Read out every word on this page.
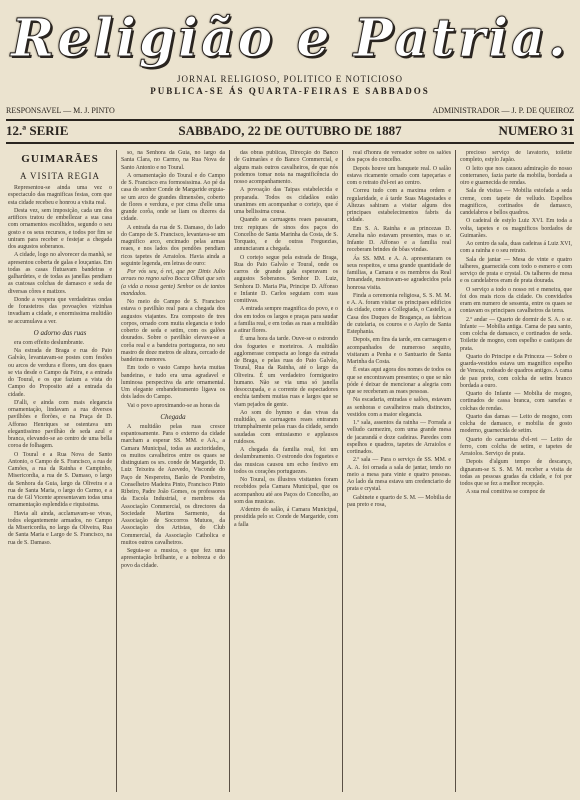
Religião e Patria.
JORNAL RELIGIOSO, POLITICO E NOTICIOSO
PUBLICA-SE ÁS QUARTA-FEIRAS E SABBADOS
RESPONSAVEL — M. J. PINTO	ADMINISTRADOR — J. P. DE QUEIROZ
12.ª SERIE	SABBADO, 22 DE OUTUBRO DE 1887	NUMERO 31
GUIMARÃES
A VISITA REGIA

Representou-se ainda uma vez o espectaculo das magnificas festas, com que esta cidade recebeu e honrou a visita real.

Desta vez, sem imposição, cada um dos artifices tratou de embellezar a sua casa com ornamentos escolhidos, segundo o seu gosto e os seus recursos, e todos por fim se uniram para receber e festejar a chegada dos augustos soberanos.

A cidade, logo no alvorecer da manhã, se apresentou coberta de galas e louçanias. Em todas as casas flutuavam bandeiras e galhardetes, e de todas as janellas pendiam as custosas colchas de damasco e seda de diversas côres e matizes.

Donde a vespera que verdadeiras ondas de forasteiros das povoações vizinhas invadiam a cidade, e enormissima multidão se accumulava a ver.

O adorno das ruas

era com effeito deslumbrante.

Na estrada de Braga e rua do Paio Galvão, levantavam-se postes com festões ou arcos de verdura e flores, um dos quaes se via desde o Campo da Feira, e a entrada do Toural, e os que faziam a vista do Campo do Proposito até a entrada da cidade.

D'alli, e ainda com mais elegancia ornamentação, lindavam a rua diversos pavilhões e florões, e na Praça de D. Affonso Henriques se ostentava um elegantissimo pavilhão de seda azul e branca, elevando-se ao centro de uma bella coroa de folhagem.

O Toural e a Rua Nova de Santo Antonio, o Campo de S. Francisco, a rua de Camões, a rua da Rainha e Campinho, Misericordia, a rua de S. Damaso, o largo da Senhora da Guia, largo da Oliveira e a rua de Santa Maria, o largo do Carmo, e a rua de Gil Vicente apresentavam todas uma ornamentação esplendida e riquissima.

Havia ali ainda, acclamavam-se vivas, todos elegantemente armados, no Campo da Misericordia, no largo da Oliveira, Rua de Santa Maria e Largo de S. Francisco, na rua de S. Damaso.

so, na Senhora da Guia, no largo da Santa Clara, no Carmo, na Rua Nova de Santo Antonio e no Toural.

A ornamentação do Toural e do Campo de S. Francisco era formosissima. Ao pé da casa do senhor Conde de Margaride erguia-se um arco de grandes dimensões, coberto de flores e verdura, e por cima d'elle uma grande corôa, onde se liam os dizeres da cidade.

A entrada da rua de S. Damaso, do lado do Campo de S. Francisco, levantava-se um magnifico arco, encimado pelas armas reaes, e nos lados dos pendões pendiam ricos tapetes de Arraiolos. Havia ainda a seguinte legenda, em letras de ouro:

Por vós seu, ó rei, que por Dinis Julio arraes no regno salvo Bocca Olhai que seis (a vida a nossa gente) Senhor os de tantos mandados.

No meio do Campo de S. Francisco estava o pavilhão real para a chegada dos augustos viajantes. Era composto de tres corpos, ornado com muita elegancia e todo coberto de seda e setim, com os galões dourados. Sobre o pavilhão elevava-se a corôa real e a bandeira portugueza, no seu mastro de doze metros de altura, cercado de bandeiras menores.

Em todo o vasto Campo havia muitas bandeiras, e tudo era uma agradavel e luminosa perspectiva da arte ornamental. Um elegante embandeiramento ligava os dois lados do Campo.

Vai o povo aproximando-se as horas da

Chegada

A multidão pelas ruas cresce espantosamente. Para o externo da cidade marcham a esperar SS. MM. e AA., a Camara Municipal, todas as auctoridades, os muitos cavalheiros entre os quaes se distinguiam os srs. conde de Margaride, D. Luiz Teixeira de Azevedo, Visconde do Paço de Nespereira, Barão de Pombeiro, Conselheiro Madeira Pinto, Francisco Pinto Ribeiro, Padre João Gomes, os professores da Escola Industrial, e membros da Associação Commercial, os directores da Sociedade Martins Sarmento, da Associação de Soccorros Mutuos, da Associação dos Artistas, do Club Commercial, da Associação Catholica e muitos outros cavalheiros.

Seguia-se a musica, o que fez uma apresentação brilhante, e a nobreza e do povo da cidade.

das obras publicas, Direcção do Banco de Guimarães e do Banco Commercial, e alguns mais outros cavalheiros, de que nós podemos tomar nota na magnificência do nosso acompanhamento.

A povoação das Taipas estabelecida e preparada. Todos os cidadãos estão unanimes em acompanhar o cortejo, que é uma bellissima cousa.

Quando as carruagens reaes passaram, trez repiques de sinos dos paços do Concelho de Santa Marinha da Costa, de S. Torquato, e de outras Freguezias, annunciaram a chegada.

O cortejo segue pela estrada de Braga, Rua do Paio Galvão e Toural, onde os carros de grande gala esperavam os augustos Soberanos. Senhor D. Luiz, Senhora D. Maria Pia, Principe D. Affonso e Infante D. Carlos seguiam com suas comitivas.

A entrada sempre magnifica do povo, e o dos em todos os largos e praças para saudar a familia real, e em todas as ruas a multidão a atirar flores.

É uma hora da tarde. Ouve-se o estrondo dos foguetes e morteiros. A multidão agglomerase compacta ao longo da estrada de Braga, e pelas ruas do Paio Galvão, Toural, Rua da Rainha, até o largo da Oliveira. É um verdadeiro formigueiro humano. Não se via uma só janella desoccupada, e a corrente de espectadores enchia tambem muitas ruas e largos que se viam pejados de gente.

Ao som do hymno e das vivas da multidão, as carruagens reaes entraram triumphalmente pelas ruas da cidade, sendo saudadas com entusiasmo e applausos ruidosos.

A chegada da familia real, foi um deslumbramento. O estrondo dos foguetes e das musicas causou um echo festivo em todos os corações portuguezes.

No Toural, os illustres visitantes foram recebidos pela Camara Municipal, que os acompanhou até aos Paços do Concelho, ao som das musicas.

A'dentro do salão, á Camara Municipal, presidida pelo sr. Conde de Margaride, com a falla

real d'honra de vereador sobre os salões dos paços do concelho.

Depois houve um banquete real. O salão estava ricamente ornado com tapeçarias e com o retrato d'el-rei ao centro.

Correu tudo com a maxima ordem e regularidade, e á tarde Suas Magestades e Altezas sahiram a visitar alguns dos principaes estabelecimentos fabris da cidade.

Em S. A. Rainha e as princezas D. Amelia não estavam presentes, mas o sr. Infante D. Affonso e a familia real receberam brindes de bôas vindas.

Ás SS. MM. e A. A. apresentaram os seus respeitos, e uma grande quantidade de familias, a Camara e os membros da Real Irmandade, mostravam-se agradecidos pela honrosa visita.

Finda a ceremonia religiosa, S. S. M. M. e A. A. foram visitar os principaes edificios da cidade, como a Collegiada, o Castello, a Casa dos Duques de Bragança, as fabricas de cutelaria, os couros e o Asylo de Santa Estephania.

Depois, em fins da tarde, em carruagem e acompanhados de numeroso sequito, visitaram a Penha e o Santuario de Santa Marinha da Costa.

É estas aqui agora dos nomes de todos os que se encontravam presentes; o que se não póde é deixar de mencionar a alegria com que se receberam as reaes pessoas.

Na escadaria, entradas e salões, estavam as senhoras e cavalheiros mais distinctos, vestidos com a maior elegancia.

1.º sala, assentos da rainha — Forrada a velludo carmezim, com uma grande mesa de jacarandá e doze cadeiras. Paredes com espelhos e quadros, tapetes de Arraiolos e cortinados.

2.º sala — Para o serviço de SS. MM. e A. A. foi ornada a sala de jantar, tendo no meio a mesa para vinte e quatro pessoas. Ao lado da mesa estava um credenciario de prata e crystal.

Gabinete e quarto de S. M. — Mobilia de pau preto e rosa,

precioso serviço de lavatorio, toilette completo, estylo Japão.

O leito que nos causou admiração do nosso conterraneo, fazia parte da mobilia, bordada a oiro e guarnecida de rendas.

Sala de visitas — Mobilia estofada a seda creme, com tapete de velludo. Espelhos magnificos, cortinados de damasco, candelabros e bellos quadros.

O cadeiral de estylo Luiz XVI. Em toda a volta, tapetes e os magnificos bordados de Guimarães.

Ao centro da sala, duas cadeiras á Luiz XVI, com a rainha e o seu retrato.

Sala de jantar — Mesa de vinte e quatro talheres, guarnecida com todo o esmero e com serviço de prata e crystal. Os talheres de mesa e os candelabros eram de prata dourada.

O serviço a todo o nosso rei e meneira, que foi dos mais ricos da cidade. Os convidados eram em numero de sessenta, entre os quaes se contavam os principaes cavalheiros da terra.

2.º andar — Quarto de dormir de S. A. o sr. Infante — Mobilia antiga. Cama de pau santo, com colcha de damasco, e cortinados de seda. Toilette de mogno, com espelho e castiçaes de prata.

Quarto do Principe e da Princeza — Sobre o guarda-vestidos estava um magnifico espelho de Veneza, rodeado de quadros antigos. A cama de pau preto, com colcha de setim branco bordada a ouro.

Quarto do Infante — Mobilia de mogno, cortinados de cassa branca, com sanefas e colchas de rendas.

Quarto das damas — Leito de mogno, com colcha de damasco, e mobilia de gosto moderno, guarnecida de setim.

Quarto do camarista d'el-rei — Leito de ferro, com colcha de setim, e tapetes de Arraiolos. Serviço de prata.

Depois d'algum tempo de descanço, dignaram-se S. S. M. M. receber a visita de todas as pessoas gradas da cidade, e foi por todos que se fez a melhor recepção.

A sua real comitiva se compoz de
